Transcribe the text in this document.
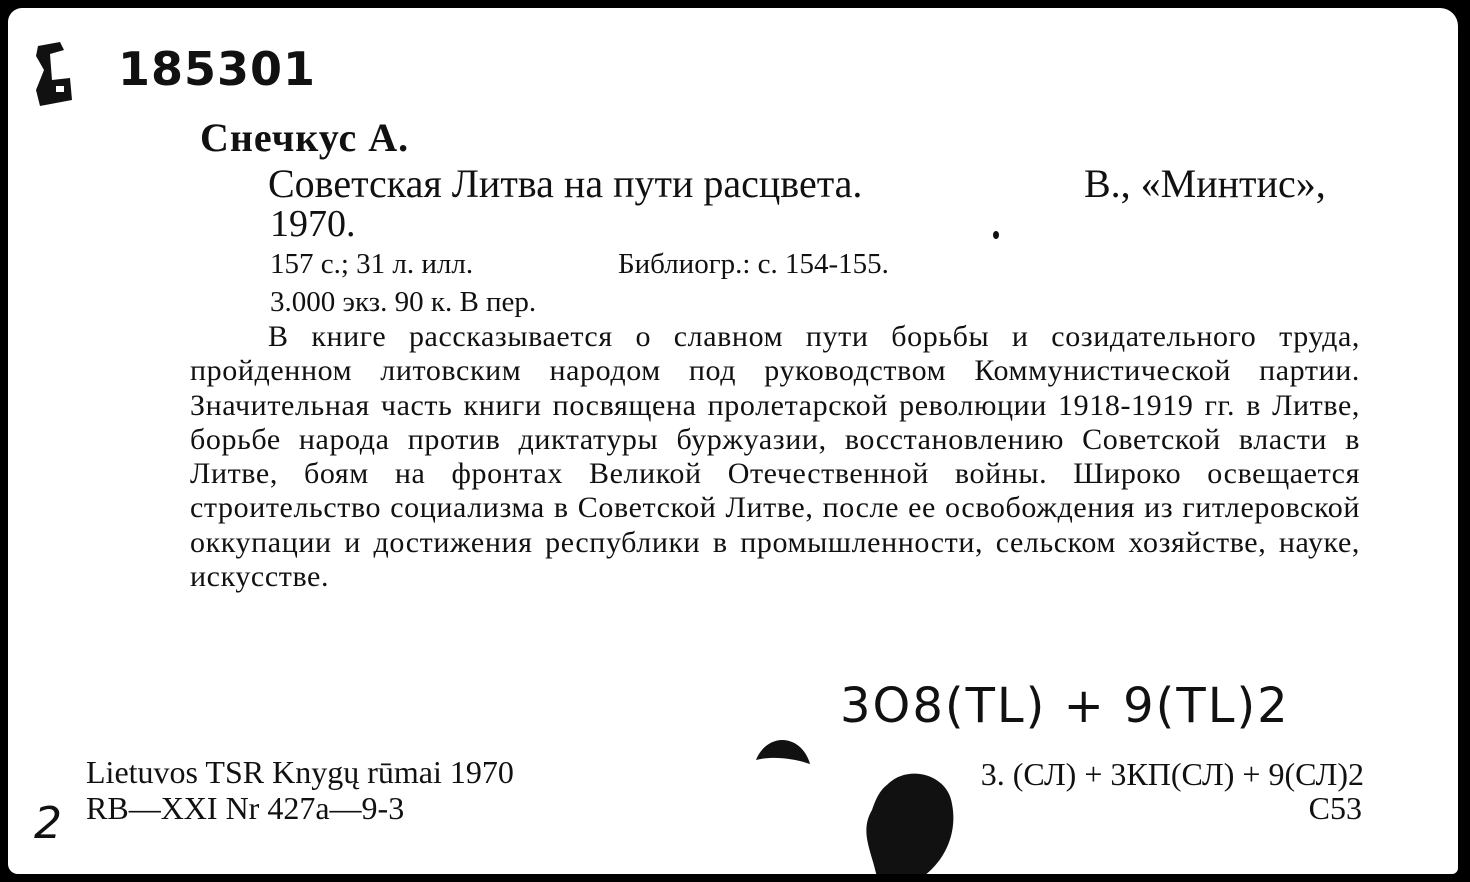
185301
Снечкус А.
Советская Литва на пути расцвета.	В., «Минтис»,
1970.
157 с.; 31 л. илл.	Библиогр.: с. 154-155.
3.000 экз. 90 к. В пер.
В книге рассказывается о славном пути борьбы и созидательного труда, пройденном литовским народом под руководством Коммунистической партии. Значительная часть книги посвящена пролетарской революции 1918-1919 гг. в Литве, борьбе народа против диктатуры буржуазии, восстановлению Советской власти в Литве, боям на фронтах Великой Отечественной войны. Широко освещается строительство социализма в Советской Литве, после ее освобождения из гитлеровской оккупации и достижения республики в промышленности, сельском хозяйстве, науке, искусстве.
3О8(ТL) + 9(ТL)2
Lietuvos TSR Knygų rūmai 1970
RB—XXI Nr 427a—9-3
3. (СЛ) + 3КП(СЛ) + 9(СЛ)2
С53
2
